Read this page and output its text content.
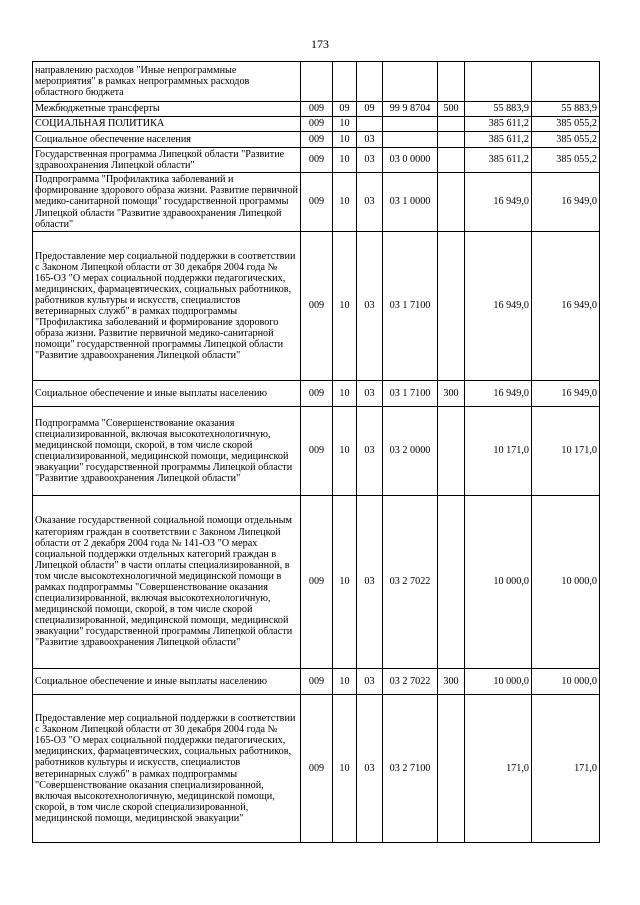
173
направлению расходов "Иные непрограммные мероприятия" в рамках непрограммных расходов областного бюджета							
Межбюджетные трансферты	009	09	09	99 9 8704	500	55 883,9	55 883,9
СОЦИАЛЬНАЯ ПОЛИТИКА	009	10				385 611,2	385 055,2
Социальное обеспечение населения	009	10	03			385 611,2	385 055,2
Государственная программа Липецкой области "Развитие здравоохранения Липецкой области"	009	10	03	03 0 0000		385 611,2	385 055,2
Подпрограмма "Профилактика заболеваний и формирование здорового образа жизни. Развитие первичной медико-санитарной помощи" государственной программы Липецкой области "Развитие здравоохранения Липецкой области"	009	10	03	03 1 0000		16 949,0	16 949,0
Предоставление мер социальной поддержки в соответствии с Законом Липецкой области от 30 декабря 2004 года № 165-ОЗ "О мерах социальной поддержки педагогических, медицинских, фармацевтических, социальных работников, работников культуры и искусств, специалистов ветеринарных служб" в рамках подпрограммы "Профилактика заболеваний и формирование здорового образа жизни. Развитие первичной медико-санитарной помощи" государственной программы Липецкой области "Развитие здравоохранения Липецкой области"	009	10	03	03 1 7100		16 949,0	16 949,0
Социальное обеспечение и иные выплаты населению	009	10	03	03 1 7100	300	16 949,0	16 949,0
Подпрограмма "Совершенствование оказания специализированной, включая высокотехнологичную, медицинской помощи, скорой, в том числе скорой специализированной, медицинской помощи, медицинской эвакуации" государственной программы Липецкой области "Развитие здравоохранения Липецкой области"	009	10	03	03 2 0000		10 171,0	10 171,0
Оказание государственной социальной помощи отдельным категориям граждан в соответствии с Законом Липецкой области от 2 декабря 2004 года № 141-ОЗ "О мерах социальной поддержки отдельных категорий граждан в Липецкой области" в части оплаты специализированной, в том числе высокотехнологичной медицинской помощи в рамках подпрограммы "Совершенствование оказания специализированной, включая высокотехнологичную, медицинской помощи, скорой, в том числе скорой специализированной, медицинской помощи, медицинской эвакуации" государственной программы Липецкой области "Развитие здравоохранения Липецкой области"	009	10	03	03 2 7022		10 000,0	10 000,0
Социальное обеспечение и иные выплаты населению	009	10	03	03 2 7022	300	10 000,0	10 000,0
Предоставление мер социальной поддержки в соответствии с Законом Липецкой области от 30 декабря 2004 года № 165-ОЗ "О мерах социальной поддержки педагогических, медицинских, фармацевтических, социальных работников, работников культуры и искусств, специалистов ветеринарных служб" в рамках подпрограммы "Совершенствование оказания специализированной, включая высокотехнологичную, медицинской помощи, скорой, в том числе скорой специализированной, медицинской помощи, медицинской эвакуации"	009	10	03	03 2 7100		171,0	171,0
